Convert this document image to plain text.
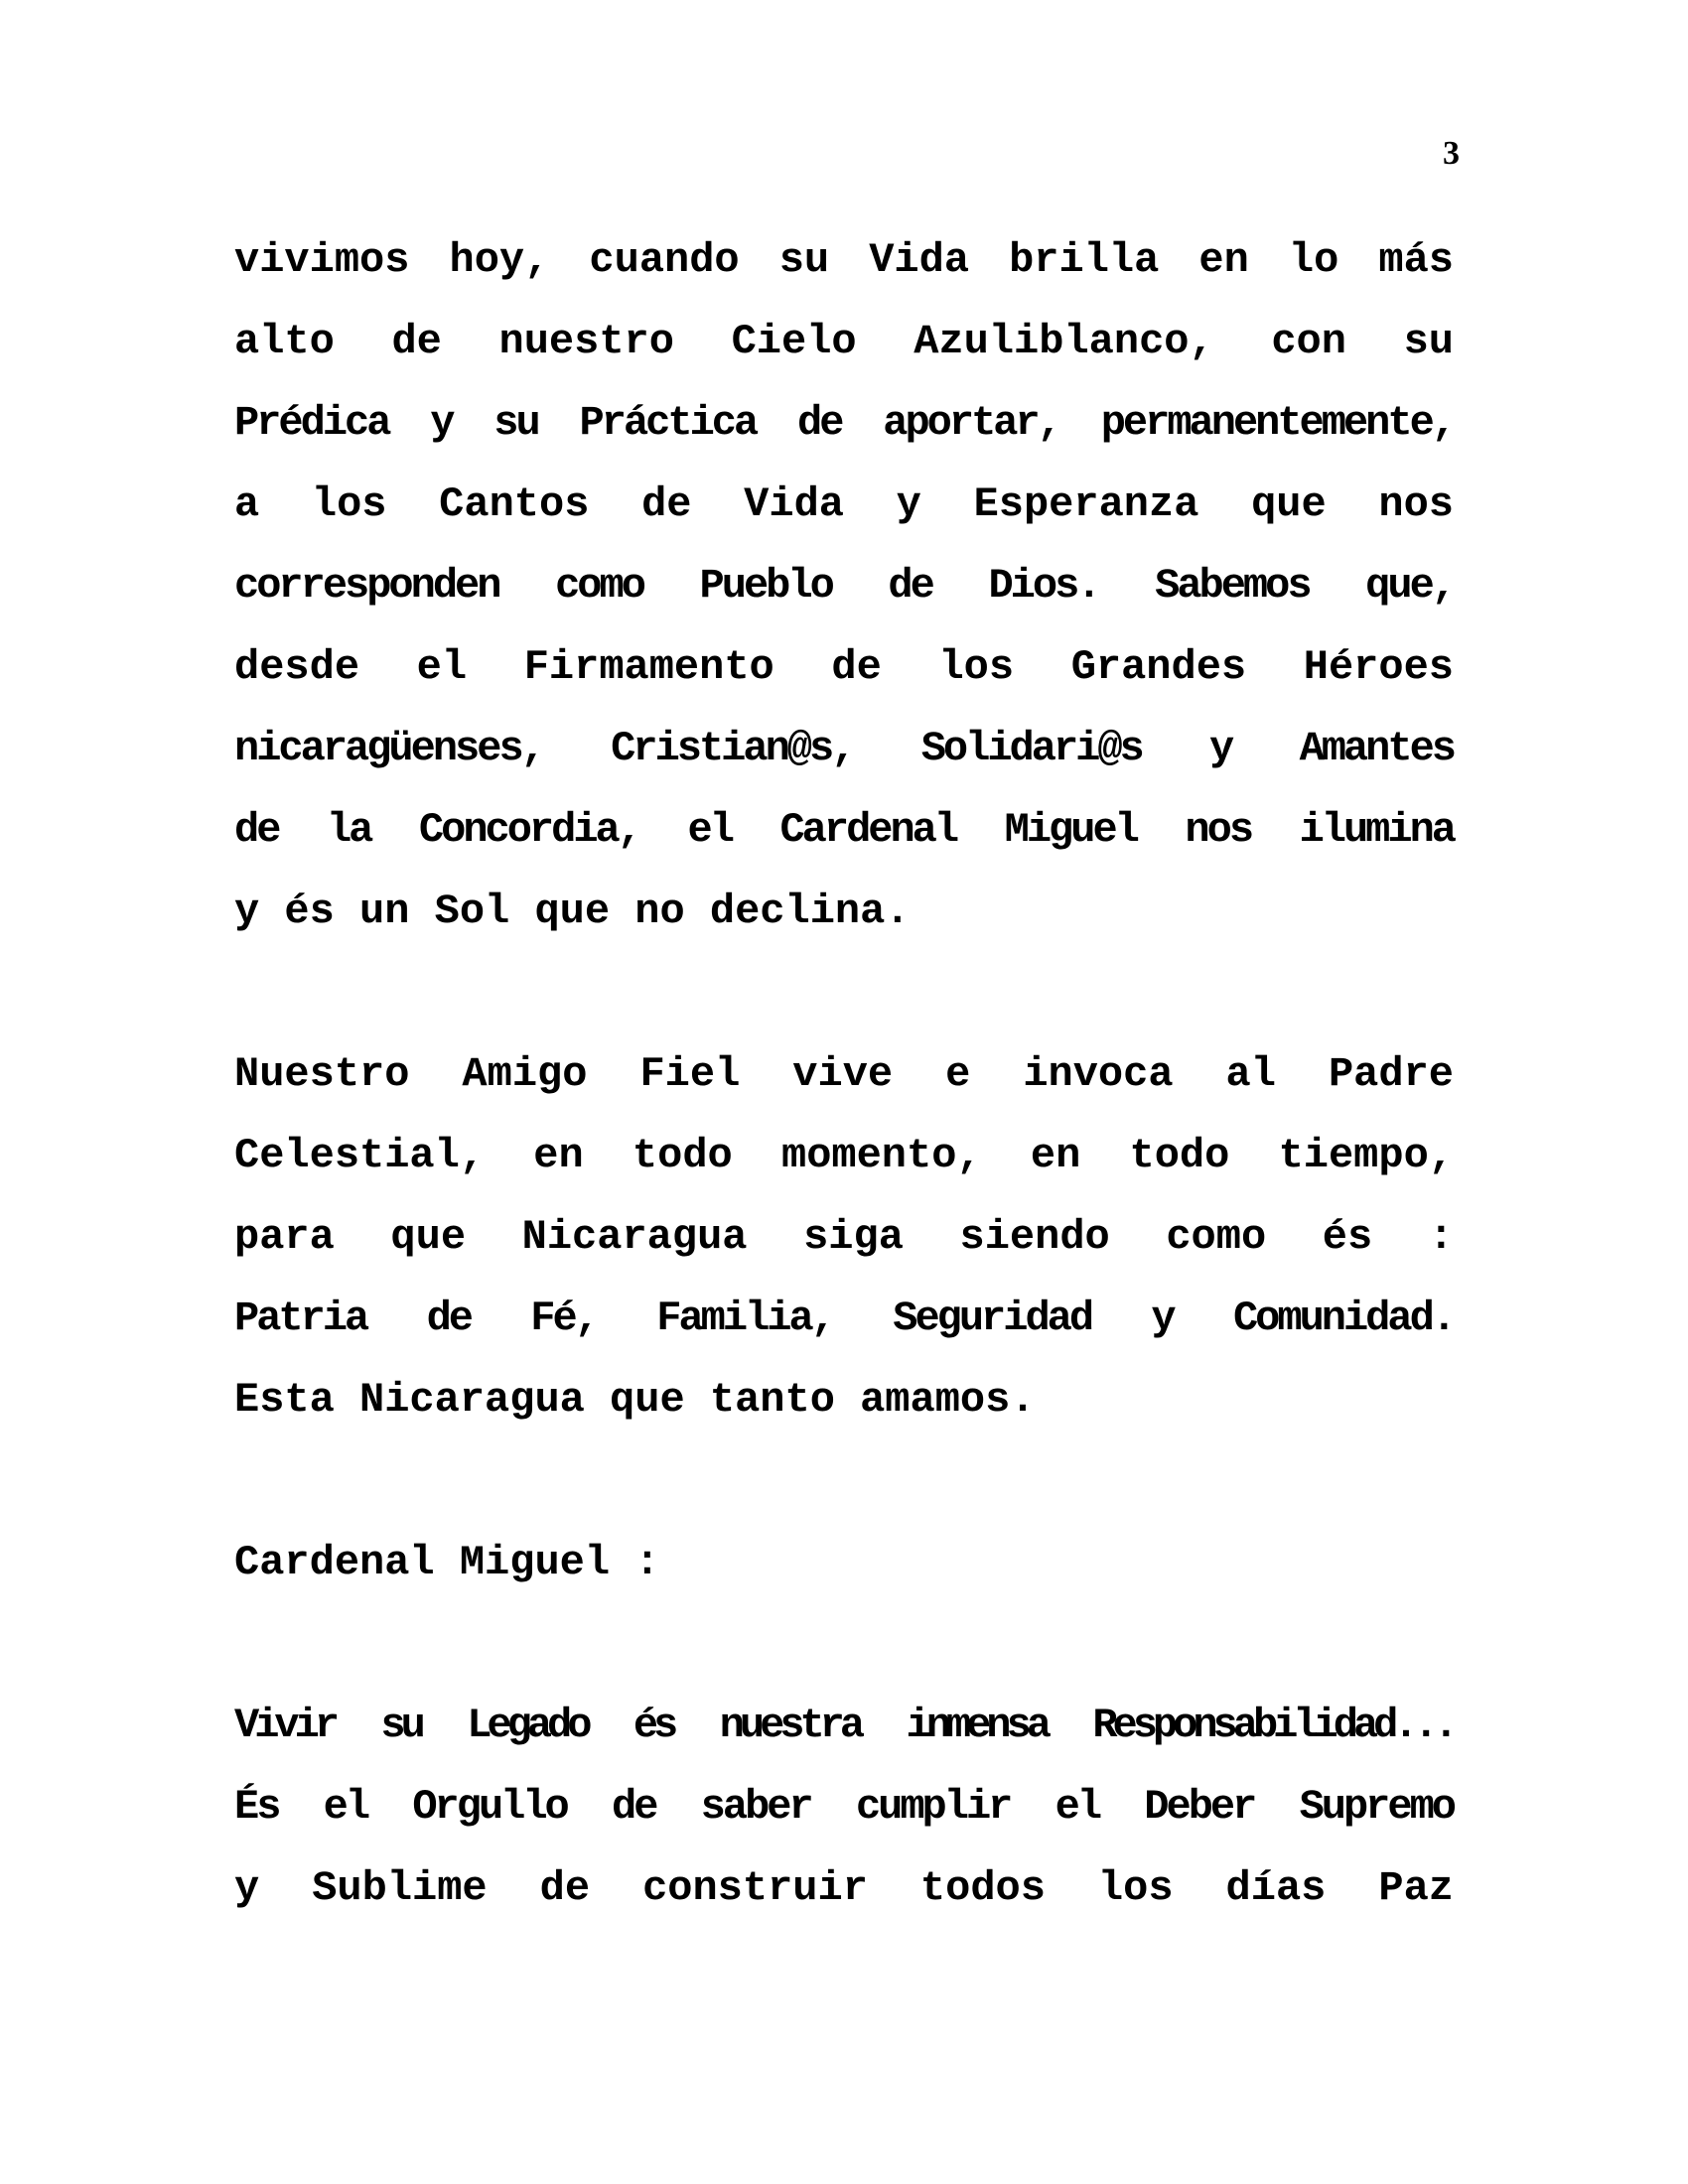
3
vivimos hoy, cuando su Vida brilla en lo más
alto de nuestro Cielo Azuliblanco, con su
Prédica y su Práctica de aportar, permanentemente,
a los Cantos de Vida y Esperanza que nos
corresponden como Pueblo de Dios. Sabemos que,
desde el Firmamento de los Grandes Héroes
nicaragüenses, Cristian@s, Solidari@s y Amantes
de la Concordia, el Cardenal Miguel nos ilumina
y és un Sol que no declina.
Nuestro Amigo Fiel vive e invoca al Padre
Celestial, en todo momento, en todo tiempo,
para que Nicaragua siga siendo como és :
Patria de Fé, Familia, Seguridad y Comunidad.
Esta Nicaragua que tanto amamos.
Cardenal Miguel :
Vivir su Legado és nuestra inmensa Responsabilidad...
És el Orgullo de saber cumplir el Deber Supremo
y Sublime de construir todos los días Paz
